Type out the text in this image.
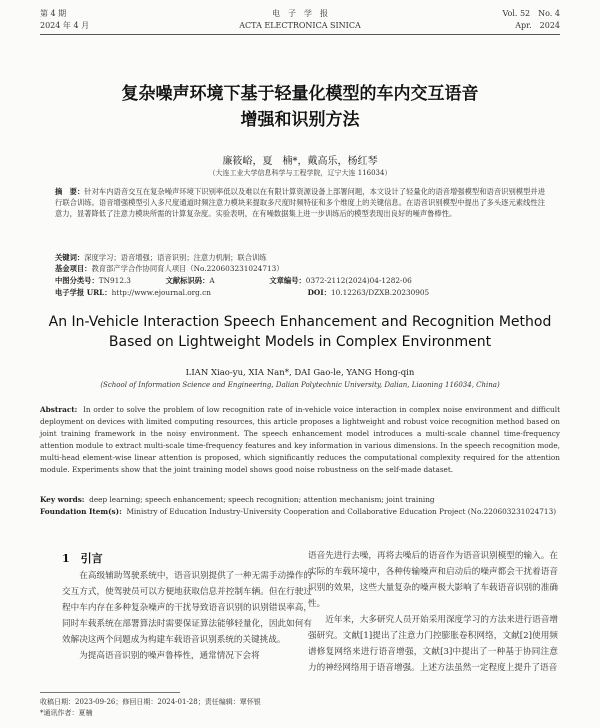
第 4 期
2024 年 4 月
电　子　学　报
ACTA ELECTRONICA SINICA
Vol. 52　No. 4
Apr.　2024
复杂噪声环境下基于轻量化模型的车内交互语音
增强和识别方法
廉筱峪，夏　楠*，戴高乐，杨红琴
（大连工业大学信息科学与工程学院，辽宁大连 116034）
摘　要：针对车内语音交互在复杂噪声环境下识别率低以及难以在有限计算资源设备上部署问题，本文设计了轻量化的语音增强模型和语音识别模型并进行联合训练。语音增强模型引入多尺度通道时频注意力模块来提取多尺度时频特征和多个维度上的关键信息。在语音识别模型中提出了多头逐元素线性注意力，显著降低了注意力模块所需的计算复杂度。实验表明，在有噪数据集上进一步训练后的模型表现出良好的噪声鲁棒性。
关键词：深度学习；语音增强；语音识别；注意力机制；联合训练
基金项目：教育部产学合作协同育人项目（No.220603231024713）
中图分类号：TN912.3	文献标识码：A	文章编号：0372-2112(2024)04-1282-06
电子学报 URL：http://www.ejournal.org.cn	DOI：10.12263/DZXB.20230905
An In-Vehicle Interaction Speech Enhancement and Recognition Method
Based on Lightweight Models in Complex Environment
LIAN Xiao-yu, XIA Nan*, DAI Gao-le, YANG Hong-qin
(School of Information Science and Engineering, Dalian Polytechnic University, Dalian, Liaoning 116034, China)
Abstract: In order to solve the problem of low recognition rate of in-vehicle voice interaction in complex noise environment and difficult deployment on devices with limited computing resources, this article proposes a lightweight and robust voice recognition method based on joint training framework in the noisy environment. The speech enhancement model introduces a multi-scale channel time-frequency attention module to extract multi-scale time-frequency features and key information in various dimensions. In the speech recognition mode, multi-head element-wise linear attention is proposed, which significantly reduces the computational complexity required for the attention module. Experiments show that the joint training model shows good noise robustness on the self-made dataset.
Key words: deep learning; speech enhancement; speech recognition; attention mechanism; joint training
Foundation Item(s): Ministry of Education Industry-University Cooperation and Collaborative Education Project (No.220603231024713)
1　引言
　　在高级辅助驾驶系统中，语音识别提供了一种无需手动操作的交互方式，使驾驶员可以方便地获取信息并控制车辆。但在行驶过程中车内存在多种复杂噪声的干扰导致语音识别的识别错误率高，同时车载系统在部署算法时需要保证算法能够轻量化，因此如何有效解决这两个问题成为构建车载语音识别系统的关键挑战。
　　为提高语音识别的噪声鲁棒性，通常情况下会将
语音先进行去噪，再将去噪后的语音作为语音识别模型的输入。在实际的车载环境中，各种传输噪声和启动后的噪声都会干扰着语音识别的效果，这些大量复杂的噪声极大影响了车载语音识别的准确性。
　　近年来，大多研究人员开始采用深度学习的方法来进行语音增强研究。文献[1]提出了注意力门控膨胀卷积网络，文献[2]使用频谱修复网络来进行语音增强，文献[3]中提出了一种基于协同注意力的神经网络用于语音增强。上述方法虽然一定程度上提升了语音
收稿日期：2023-09-26；修回日期：2024-01-28；责任编辑：覃怀银
*通讯作者：夏楠
